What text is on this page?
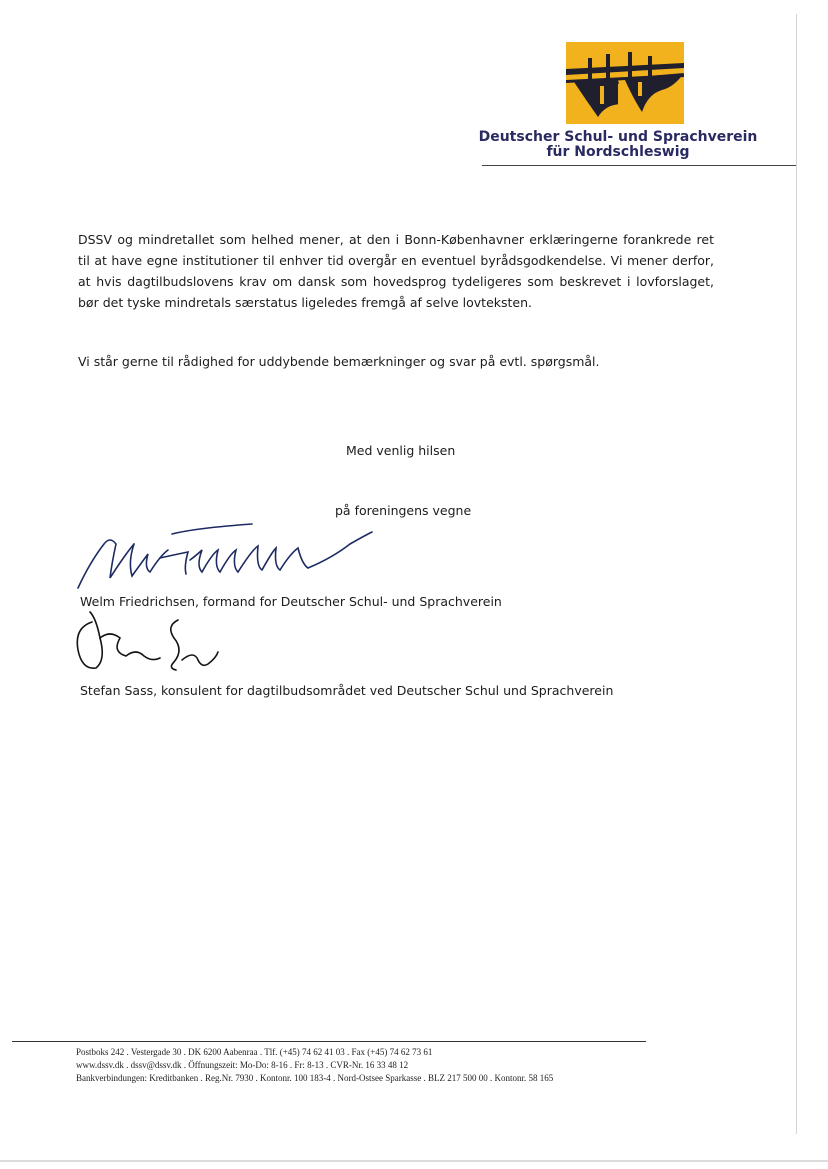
Deutscher Schul- und Sprachverein
für Nordschleswig

DSSV og mindretallet som helhed mener, at den i Bonn-Københavner erklæringerne forankrede ret til at have egne institutioner til enhver tid overgår en eventuel byrådsgodkendelse. Vi mener derfor, at hvis dagtilbudslovens krav om dansk som hovedsprog tydeligeres som beskrevet i lovforslaget, bør det tyske mindretals særstatus ligeledes fremgå af selve lovteksten.

Vi står gerne til rådighed for uddybende bemærkninger og svar på evtl. spørgsmål.

Med venlig hilsen

på foreningens vegne

Welm Friedrichsen, formand for Deutscher Schul- und Sprachverein

Stefan Sass, konsulent for dagtilbudsområdet ved Deutscher Schul und Sprachverein

Postboks 242 . Vestergade 30 . DK 6200 Aabenraa . Tlf. (+45) 74 62 41 03 . Fax (+45) 74 62 73 61
www.dssv.dk . dssv@dssv.dk . Öffnungszeit: Mo-Do: 8-16 . Fr: 8-13 . CVR-Nr. 16 33 48 12
Bankverbindungen: Kreditbanken . Reg.Nr. 7930 . Kontonr. 100 183-4 . Nord-Ostsee Sparkasse . BLZ 217 500 00 . Kontonr. 58 165
